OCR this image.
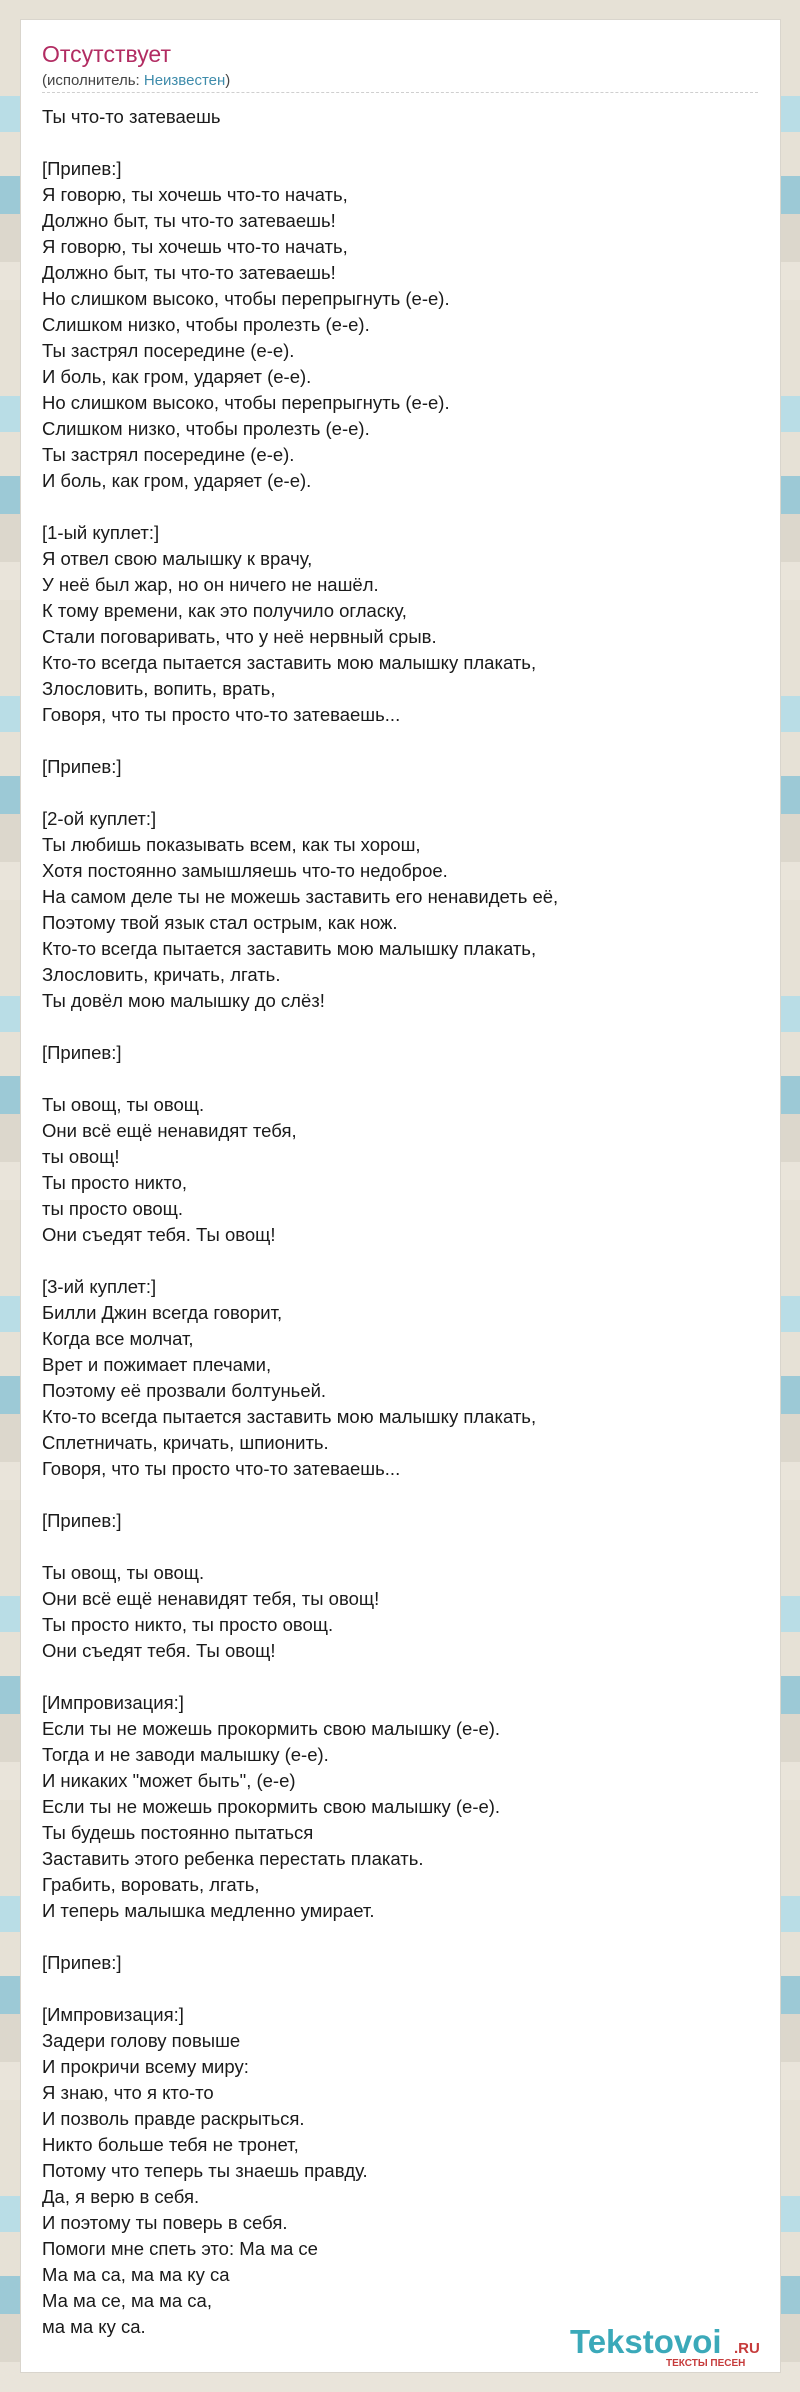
Отсутствует
(исполнитель: Неизвестен)
Ты что-то затеваешь

[Припев:]
Я говорю, ты хочешь что-то начать,
Должно быт, ты что-то затеваешь!
Я говорю, ты хочешь что-то начать,
Должно быт, ты что-то затеваешь!
Но слишком высоко, чтобы перепрыгнуть (е-е).
Слишком низко, чтобы пролезть (е-е).
Ты застрял посередине (е-е).
И боль, как гром, ударяет (е-е).
Но слишком высоко, чтобы перепрыгнуть (е-е).
Слишком низко, чтобы пролезть (е-е).
Ты застрял посередине (е-е).
И боль, как гром, ударяет (е-е).

[1-ый куплет:]
Я отвел свою малышку к врачу,
У неё был жар, но он ничего не нашёл.
К тому времени, как это получило огласку,
Стали поговаривать, что у неё нервный срыв.
Кто-то всегда пытается заставить мою малышку плакать,
Злословить, вопить, врать,
Говоря, что ты просто что-то затеваешь...

[Припев:]

[2-ой куплет:]
Ты любишь показывать всем, как ты хорош,
Хотя постоянно замышляешь что-то недоброе.
На самом деле ты не можешь заставить его ненавидеть её,
Поэтому твой язык стал острым, как нож.
Кто-то всегда пытается заставить мою малышку плакать,
Злословить, кричать, лгать.
Ты довёл мою малышку до слёз!

[Припев:]

Ты овощ, ты овощ.
Они всё ещё ненавидят тебя,
ты овощ!
Ты просто никто,
ты просто овощ.
Они съедят тебя. Ты овощ!

[3-ий куплет:]
Билли Джин всегда говорит,
Когда все молчат,
Врет и пожимает плечами,
Поэтому её прозвали болтуньей.
Кто-то всегда пытается заставить мою малышку плакать,
Сплетничать, кричать, шпионить.
Говоря, что ты просто что-то затеваешь...

[Припев:]

Ты овощ, ты овощ.
Они всё ещё ненавидят тебя, ты овощ!
Ты просто никто, ты просто овощ.
Они съедят тебя. Ты овощ!

[Импровизация:]
Если ты не можешь прокормить свою малышку (е-е).
Тогда и не заводи малышку (е-е).
И никаких "может быть", (е-е)
Если ты не можешь прокормить свою малышку (е-е).
Ты будешь постоянно пытаться
Заставить этого ребенка перестать плакать.
Грабить, воровать, лгать,
И теперь малышка медленно умирает.

[Припев:]

[Импровизация:]
Задери голову повыше
И прокричи всему миру:
Я знаю, что я кто-то
И позволь правде раскрыться.
Никто больше тебя не тронет,
Потому что теперь ты знаешь правду.
Да, я верю в себя.
И поэтому ты поверь в себя.
Помоги мне спеть это: Ма ма се
Ма ма са, ма ма ку са
Ма ма се, ма ма са,
ма ма ку са.	Tekstovoi .RU
ТЕКСТЫ ПЕСЕН
